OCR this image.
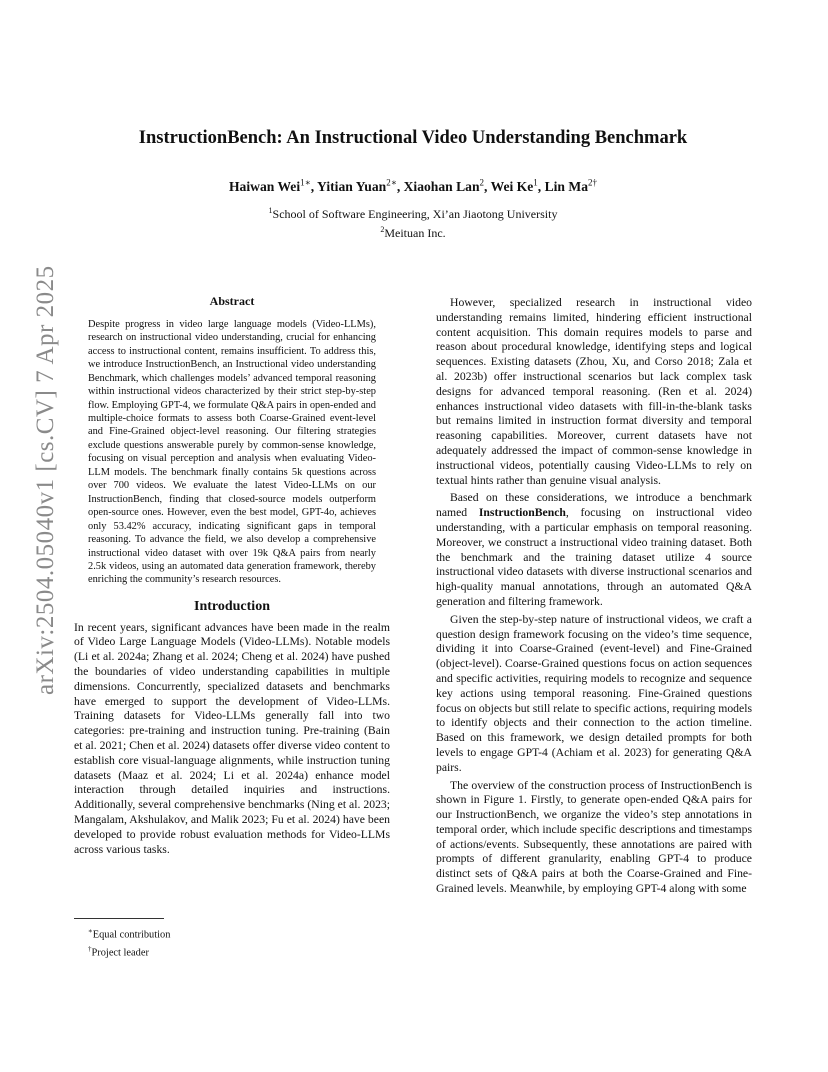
arXiv:2504.05040v1 [cs.CV] 7 Apr 2025
InstructionBench: An Instructional Video Understanding Benchmark

Haiwan Wei$^{1∗}$, Yitian Yuan$^{2∗}$, Xiaohan Lan$^2$, Wei Ke$^1$, Lin $Ma^{2\dagger}$

$^1$School of Software Engineering, Xi’an Jiaotong University
$^2$Meituan Inc.
Abstract

Despite progress in video large language models (Video-LLMs), research on instructional video understanding, crucial for enhancing access to instructional content, remains insufficient. To address this, we introduce InstructionBench, an Instructional video understanding Benchmark, which challenges models’ advanced temporal reasoning within instructional videos characterized by their strict step-by-step flow. Employing GPT-4, we formulate Q&A pairs in open-ended and multiple-choice formats to assess both Coarse-Grained event-level and Fine-Grained object-level reasoning. Our filtering strategies exclude questions answerable purely by common-sense knowledge, focusing on visual perception and analysis when evaluating Video-LLM models. The benchmark finally contains 5k questions across over 700 videos. We evaluate the latest Video-LLMs on our InstructionBench, finding that closed-source models outperform open-source ones. However, even the best model, GPT-4o, achieves only 53.42% accuracy, indicating significant gaps in temporal reasoning. To advance the field, we also develop a comprehensive instructional video dataset with over 19k Q&A pairs from nearly 2.5k videos, using an automated data generation framework, thereby enriching the community’s research resources.

Introduction

In recent years, significant advances have been made in the realm of Video Large Language Models (Video-LLMs). Notable models (Li et al. 2024a; Zhang et al. 2024; Cheng et al. 2024) have pushed the boundaries of video understanding capabilities in multiple dimensions. Concurrently, specialized datasets and benchmarks have emerged to support the development of Video-LLMs. Training datasets for Video-LLMs generally fall into two categories: pre-training and instruction tuning. Pre-training (Bain et al. 2021; Chen et al. 2024) datasets offer diverse video content to establish core visual-language alignments, while instruction tuning datasets (Maaz et al. 2024; Li et al. 2024a) enhance model interaction through detailed inquiries and instructions. Additionally, several comprehensive benchmarks (Ning et al. 2023; Mangalam, Akshulakov, and Malik 2023; Fu et al. 2024) have been developed to provide robust evaluation methods for Video-LLMs across various tasks.

∗Equal contribution
†Project leader

However, specialized research in instructional video understanding remains limited, hindering efficient instructional content acquisition. This domain requires models to parse and reason about procedural knowledge, identifying steps and logical sequences. Existing datasets (Zhou, Xu, and Corso 2018; Zala et al. 2023b) offer instructional scenarios but lack complex task designs for advanced temporal reasoning. (Ren et al. 2024) enhances instructional video datasets with fill-in-the-blank tasks but remains limited in instruction format diversity and temporal reasoning capabilities. Moreover, current datasets have not adequately addressed the impact of common-sense knowledge in instructional videos, potentially causing Video-LLMs to rely on textual hints rather than genuine visual analysis.

Based on these considerations, we introduce a benchmark named InstructionBench, focusing on instructional video understanding, with a particular emphasis on temporal reasoning. Moreover, we construct a instructional video training dataset. Both the benchmark and the training dataset utilize 4 source instructional video datasets with diverse instructional scenarios and high-quality manual annotations, through an automated Q&A generation and filtering framework.

Given the step-by-step nature of instructional videos, we craft a question design framework focusing on the video’s time sequence, dividing it into Coarse-Grained (event-level) and Fine-Grained (object-level). Coarse-Grained questions focus on action sequences and specific activities, requiring models to recognize and sequence key actions using temporal reasoning. Fine-Grained questions focus on objects but still relate to specific actions, requiring models to identify objects and their connection to the action timeline. Based on this framework, we design detailed prompts for both levels to engage GPT-4 (Achiam et al. 2023) for generating Q&A pairs.

The overview of the construction process of InstructionBench is shown in Figure 1. Firstly, to generate open-ended Q&A pairs for our InstructionBench, we organize the video’s step annotations in temporal order, which include specific descriptions and timestamps of actions/events. Subsequently, these annotations are paired with prompts of different granularity, enabling GPT-4 to produce distinct sets of Q&A pairs at both the Coarse-Grained and Fine-Grained levels. Meanwhile, by employing GPT-4 along with some
